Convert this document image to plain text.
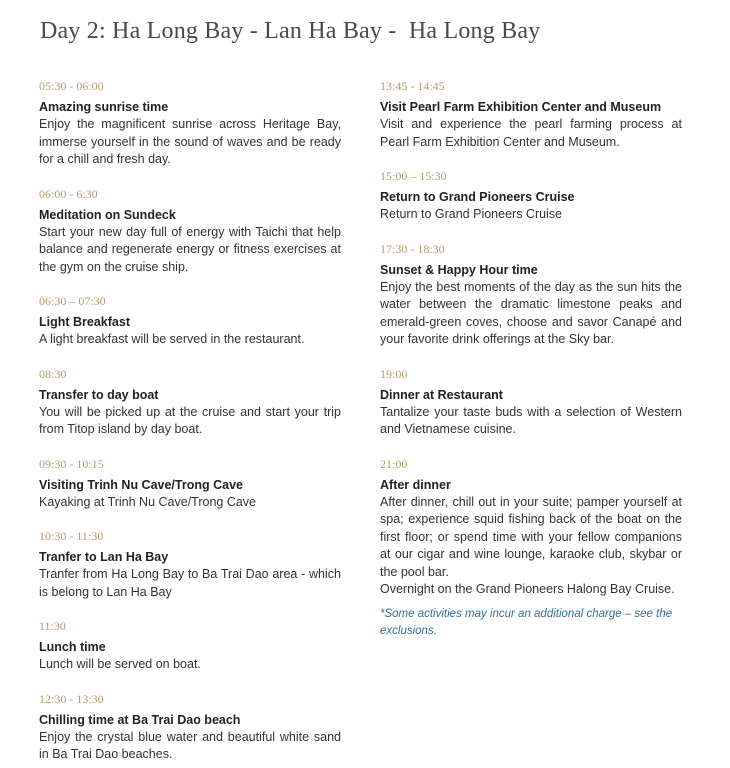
Day 2: Ha Long Bay - Lan Ha Bay -  Ha Long Bay
05:30 - 06:00
Amazing sunrise time
Enjoy the magnificent sunrise across Heritage Bay, immerse yourself in the sound of waves and be ready for a chill and fresh day.
06:00 - 6:30
Meditation on Sundeck
Start your new day full of energy with Taichi that help balance and regenerate energy or fitness exercises at the gym on the cruise ship.
06:30 – 07:30
Light Breakfast
A light breakfast will be served in the restaurant.
08:30
Transfer to day boat
You will be picked up at the cruise and start your trip from Titop island by day boat.
09:30 - 10:15
Visiting Trinh Nu Cave/Trong Cave
Kayaking at Trinh Nu Cave/Trong Cave
10:30 - 11:30
Tranfer to Lan Ha Bay
Tranfer from Ha Long Bay to Ba Trai Dao area - which is belong to Lan Ha Bay
11:30
Lunch time
Lunch will be served on boat.
12:30 - 13:30
Chilling time at Ba Trai Dao beach
Enjoy the crystal blue water and beautiful white sand in Ba Trai Dao beaches.
13:45 - 14:45
Visit Pearl Farm Exhibition Center and Museum
Visit and experience the pearl farming process at Pearl Farm Exhibition Center and Museum.
15:00 – 15:30
Return to Grand Pioneers Cruise
Return to Grand Pioneers Cruise
17:30 - 18:30
Sunset & Happy Hour time
Enjoy the best moments of the day as the sun hits the water between the dramatic limestone peaks and emerald-green coves, choose and savor Canapé and your favorite drink offerings at the Sky bar.
19:00
Dinner at Restaurant
Tantalize your taste buds with a selection of Western and Vietnamese cuisine.
21:00
After dinner
After dinner, chill out in your suite; pamper yourself at spa; experience squid fishing back of the boat on the first floor; or spend time with your fellow companions at our cigar and wine lounge, karaoke club, skybar or the pool bar.
Overnight on the Grand Pioneers Halong Bay Cruise.
*Some activities may incur an additional charge – see the exclusions.
